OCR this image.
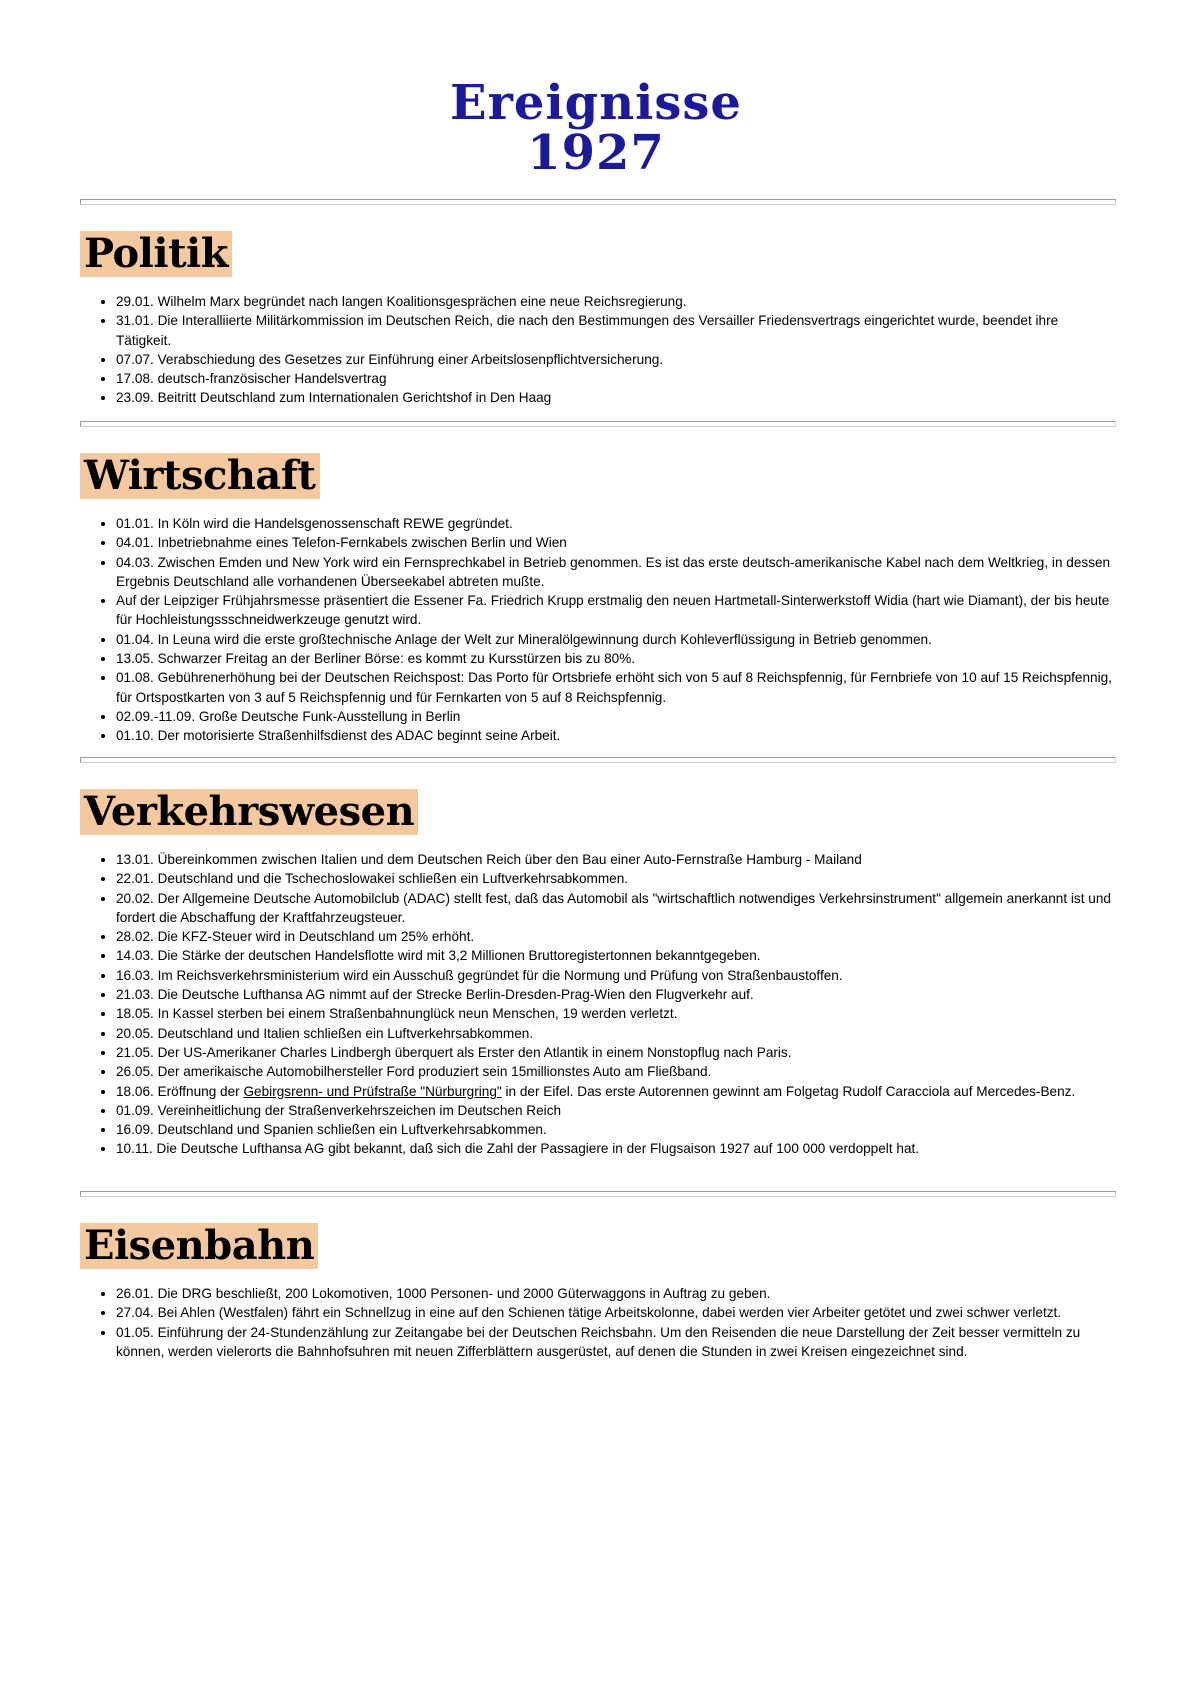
Ereignisse
1927
Politik
• 29.01. Wilhelm Marx begründet nach langen Koalitionsgesprächen eine neue Reichsregierung.
• 31.01. Die Interalliierte Militärkommission im Deutschen Reich, die nach den Bestimmungen des Versailler Friedensvertrags eingerichtet wurde, beendet ihre Tätigkeit.
• 07.07. Verabschiedung des Gesetzes zur Einführung einer Arbeitslosenpflichtversicherung.
• 17.08. deutsch-französischer Handelsvertrag
• 23.09. Beitritt Deutschland zum Internationalen Gerichtshof in Den Haag
Wirtschaft
• 01.01. In Köln wird die Handelsgenossenschaft REWE gegründet.
• 04.01. Inbetriebnahme eines Telefon-Fernkabels zwischen Berlin und Wien
• 04.03. Zwischen Emden und New York wird ein Fernsprechkabel in Betrieb genommen. Es ist das erste deutsch-amerikanische Kabel nach dem Weltkrieg, in dessen Ergebnis Deutschland alle vorhandenen Überseekabel abtreten mußte.
• Auf der Leipziger Frühjahrsmesse präsentiert die Essener Fa. Friedrich Krupp erstmalig den neuen Hartmetall-Sinterwerkstoff Widia (hart wie Diamant), der bis heute für Hochleistungssschneidwerkzeuge genutzt wird.
• 01.04. In Leuna wird die erste großtechnische Anlage der Welt zur Mineralölgewinnung durch Kohleverflüssigung in Betrieb genommen.
• 13.05. Schwarzer Freitag an der Berliner Börse: es kommt zu Kursstürzen bis zu 80%.
• 01.08. Gebührenerhöhung bei der Deutschen Reichspost: Das Porto für Ortsbriefe erhöht sich von 5 auf 8 Reichspfennig, für Fernbriefe von 10 auf 15 Reichspfennig, für Ortspostkarten von 3 auf 5 Reichspfennig und für Fernkarten von 5 auf 8 Reichspfennig.
• 02.09.-11.09. Große Deutsche Funk-Ausstellung in Berlin
• 01.10. Der motorisierte Straßenhilfsdienst des ADAC beginnt seine Arbeit.
Verkehrswesen
• 13.01. Übereinkommen zwischen Italien und dem Deutschen Reich über den Bau einer Auto-Fernstraße Hamburg - Mailand
• 22.01. Deutschland und die Tschechoslowakei schließen ein Luftverkehrsabkommen.
• 20.02. Der Allgemeine Deutsche Automobilclub (ADAC) stellt fest, daß das Automobil als "wirtschaftlich notwendiges Verkehrsinstrument" allgemein anerkannt ist und fordert die Abschaffung der Kraftfahrzeugsteuer.
• 28.02. Die KFZ-Steuer wird in Deutschland um 25% erhöht.
• 14.03. Die Stärke der deutschen Handelsflotte wird mit 3,2 Millionen Bruttoregistertonnen bekanntgegeben.
• 16.03. Im Reichsverkehrsministerium wird ein Ausschuß gegründet für die Normung und Prüfung von Straßenbaustoffen.
• 21.03. Die Deutsche Lufthansa AG nimmt auf der Strecke Berlin-Dresden-Prag-Wien den Flugverkehr auf.
• 18.05. In Kassel sterben bei einem Straßenbahnunglück neun Menschen, 19 werden verletzt.
• 20.05. Deutschland und Italien schließen ein Luftverkehrsabkommen.
• 21.05. Der US-Amerikaner Charles Lindbergh überquert als Erster den Atlantik in einem Nonstopflug nach Paris.
• 26.05. Der amerikaische Automobilhersteller Ford produziert sein 15millionstes Auto am Fließband.
• 18.06. Eröffnung der Gebirgsrenn- und Prüfstraße "Nürburgring" in der Eifel. Das erste Autorennen gewinnt am Folgetag Rudolf Caracciola auf Mercedes-Benz.
• 01.09. Vereinheitlichung der Straßenverkehrszeichen im Deutschen Reich
• 16.09. Deutschland und Spanien schließen ein Luftverkehrsabkommen.
• 10.11. Die Deutsche Lufthansa AG gibt bekannt, daß sich die Zahl der Passagiere in der Flugsaison 1927 auf 100 000 verdoppelt hat.
Eisenbahn
• 26.01. Die DRG beschließt, 200 Lokomotiven, 1000 Personen- und 2000 Güterwaggons in Auftrag zu geben.
• 27.04. Bei Ahlen (Westfalen) fährt ein Schnellzug in eine auf den Schienen tätige Arbeitskolonne, dabei werden vier Arbeiter getötet und zwei schwer verletzt.
• 01.05. Einführung der 24-Stundenzählung zur Zeitangabe bei der Deutschen Reichsbahn. Um den Reisenden die neue Darstellung der Zeit besser vermitteln zu können, werden vielerorts die Bahnhofsuhren mit neuen Zifferblättern ausgerüstet, auf denen die Stunden in zwei Kreisen eingezeichnet sind.
